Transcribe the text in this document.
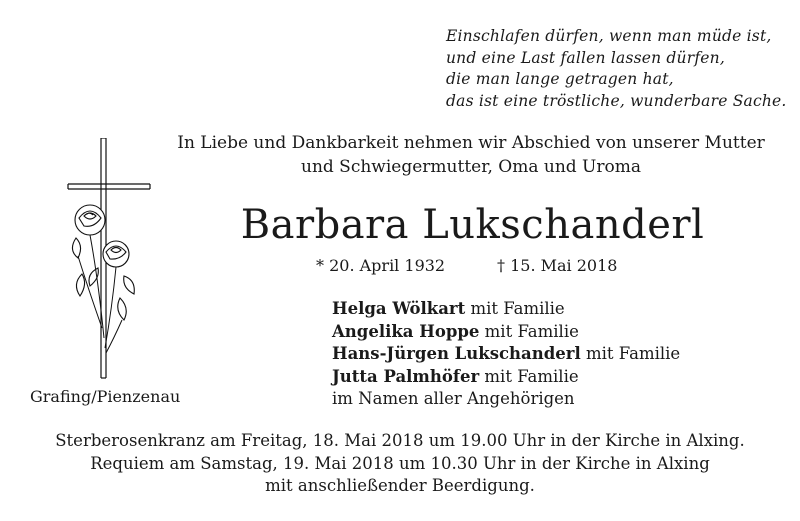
Einschlafen dürfen, wenn man müde ist,
und eine Last fallen lassen dürfen,
die man lange getragen hat,
das ist eine tröstliche, wunderbare Sache.
In Liebe und Dankbarkeit nehmen wir Abschied von unserer Mutter
und Schwiegermutter, Oma und Uroma
Barbara Lukschanderl
* 20. April 1932	† 15. Mai 2018
Helga Wölkart mit Familie
Angelika Hoppe mit Familie
Hans-Jürgen Lukschanderl mit Familie
Jutta Palmhöfer mit Familie
im Namen aller Angehörigen
Grafing/Pienzenau
Sterberosenkranz am Freitag, 18. Mai 2018 um 19.00 Uhr in der Kirche in Alxing.
Requiem am Samstag, 19. Mai 2018 um 10.30 Uhr in der Kirche in Alxing
mit anschließender Beerdigung.
